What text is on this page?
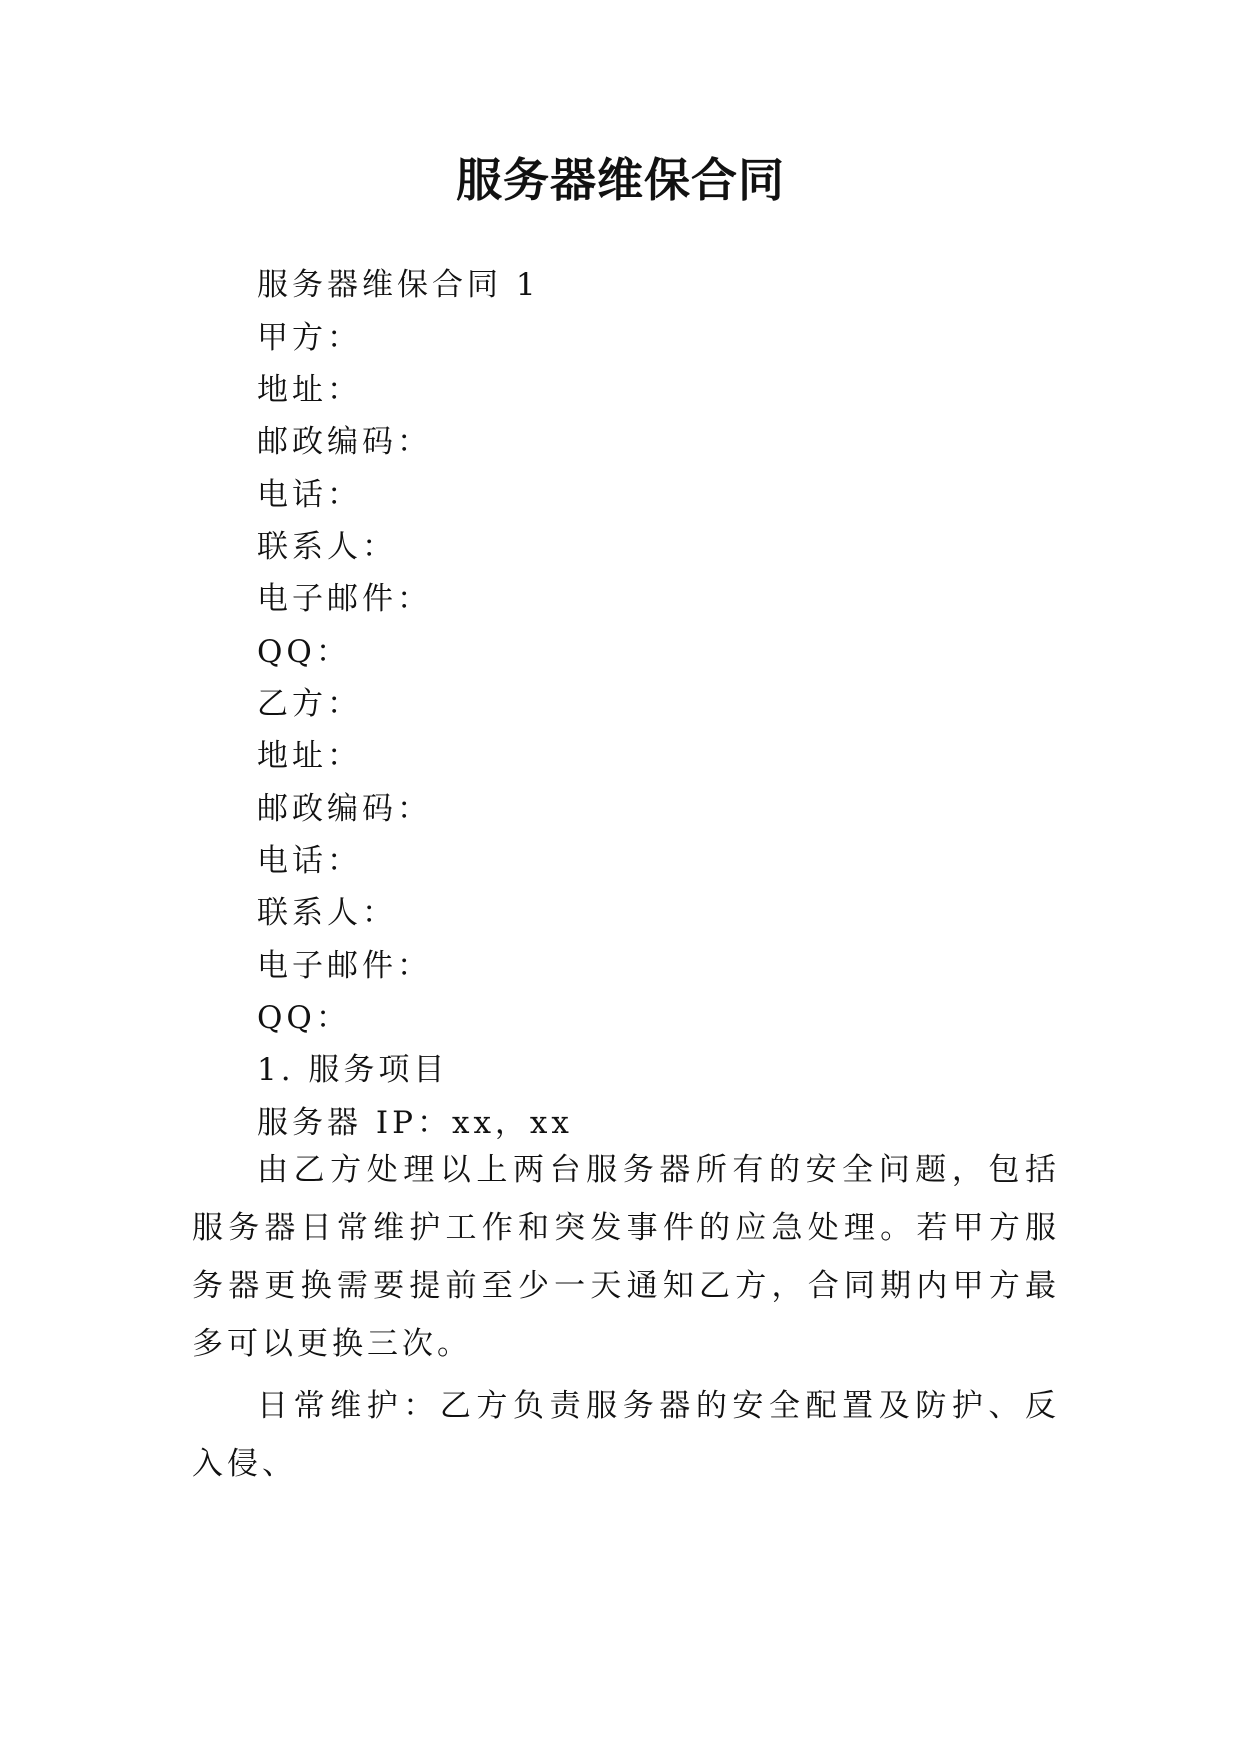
服务器维保合同
服务器维保合同 1
甲方：
地址：
邮政编码：
电话：
联系人：
电子邮件：
QQ：
乙方：
地址：
邮政编码：
电话：
联系人：
电子邮件：
QQ：
1. 服务项目
服务器 IP：xx，xx
由乙方处理以上两台服务器所有的安全问题，包括服务器日常维护工作和突发事件的应急处理。若甲方服务器更换需要提前至少一天通知乙方，合同期内甲方最多可以更换三次。
日常维护：乙方负责服务器的安全配置及防护、反入侵、
